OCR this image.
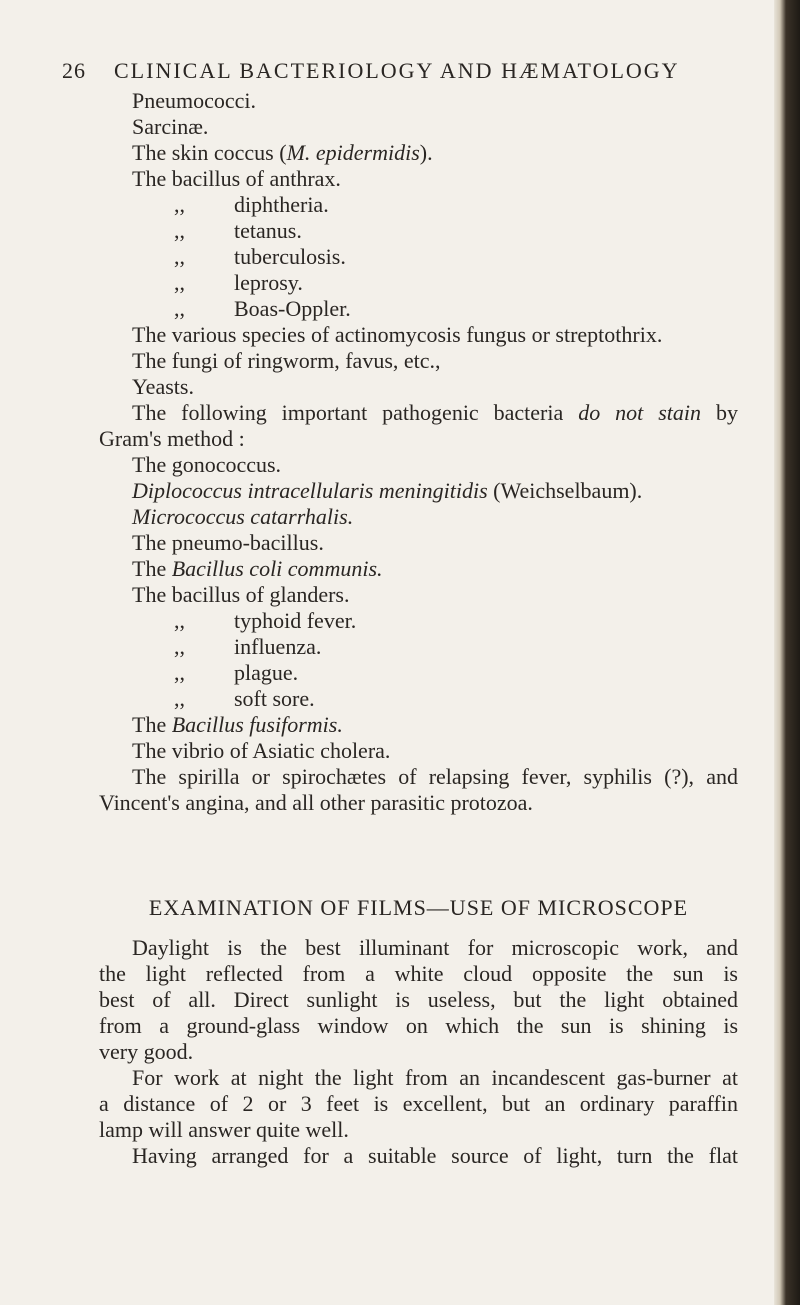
26 CLINICAL BACTERIOLOGY AND HÆMATOLOGY
Pneumococci.
Sarcinæ.
The skin coccus (M. epidermidis).
The bacillus of anthrax.
,, diphtheria.
,, tetanus.
,, tuberculosis.
,, leprosy.
,, Boas-Oppler.
The various species of actinomycosis fungus or streptothrix.
The fungi of ringworm, favus, etc.,
Yeasts.
The following important pathogenic bacteria do not stain by
Gram's method :
The gonococcus.
Diplococcus intracellularis meningitidis (Weichselbaum).
Micrococcus catarrhalis.
The pneumo-bacillus.
The Bacillus coli communis.
The bacillus of glanders.
,, typhoid fever.
,, influenza.
,, plague.
,, soft sore.
The Bacillus fusiformis.
The vibrio of Asiatic cholera.
The spirilla or spirochætes of relapsing fever, syphilis (?), and
Vincent's angina, and all other parasitic protozoa.
EXAMINATION OF FILMS—USE OF MICROSCOPE
Daylight is the best illuminant for microscopic work, and
the light reflected from a white cloud opposite the sun is
best of all. Direct sunlight is useless, but the light obtained
from a ground-glass window on which the sun is shining is
very good.
For work at night the light from an incandescent gas-burner at
a distance of 2 or 3 feet is excellent, but an ordinary paraffin
lamp will answer quite well.
Having arranged for a suitable source of light, turn the flat
